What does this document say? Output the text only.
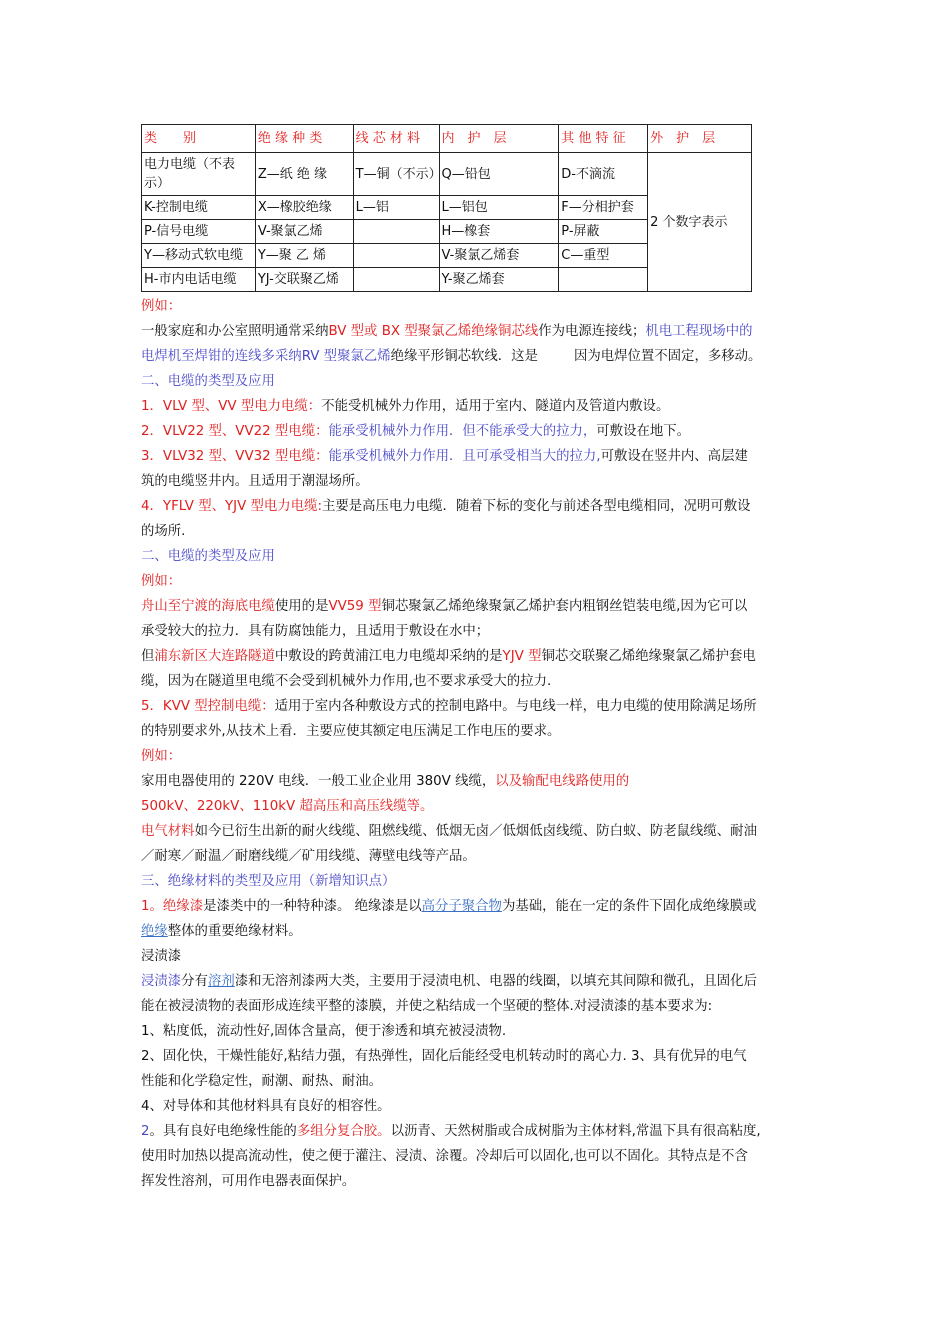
类　　别	绝 缘 种 类	线 芯 材 料	内　护　层	其 他 特 征	外　护　层
电力电缆（不表示）	Z—纸 绝 缘	T—铜（不示）	Q—铅包	D-不滴流	2 个数字表示
K-控制电缆	X—橡胶绝缘	L—铝	L—铝包	F—分相护套	
P-信号电缆	V-聚氯乙烯		H—橡套	P-屏蔽	
Y—移动式软电缆	Y—聚 乙 烯		V-聚氯乙烯套	C—重型	
H-市内电话电缆	YJ-交联聚乙烯		Y-聚乙烯套		

例如：

一般家庭和办公室照明通常采纳BV 型或 BX 型聚氯乙烯绝缘铜芯线作为电源连接线；机电工程现场中的

电焊机至焊钳的连线多采纳RV 型聚氯乙烯绝缘平形铜芯软线．这是	因为电焊位置不固定，多移动。

二、电缆的类型及应用

1．VLV 型、VV 型电力电缆：不能受机械外力作用，适用于室内、隧道内及管道内敷设。

2．VLV22 型、VV22 型电缆：能承受机械外力作用．但不能承受大的拉力，可敷设在地下。

3．VLV32 型、VV32 型电缆：能承受机械外力作用．且可承受相当大的拉力,可敷设在竖井内、高层建

筑的电缆竖井内。且适用于潮湿场所。

4．YFLV 型、YJV 型电力电缆:主要是高压电力电缆．随着下标的变化与前述各型电缆相同，况明可敷设

的场所.

二、电缆的类型及应用

例如：

舟山至宁渡的海底电缆使用的是VV59 型铜芯聚氯乙烯绝缘聚氯乙烯护套内粗钢丝铠装电缆,因为它可以

承受较大的拉力．具有防腐蚀能力，且适用于敷设在水中；

但浦东新区大连路隧道中敷设的跨黄浦江电力电缆却采纳的是YJV 型铜芯交联聚乙烯绝缘聚氯乙烯护套电

缆，因为在隧道里电缆不会受到机械外力作用,也不要求承受大的拉力.

5．KVV 型控制电缆：适用于室内各种敷设方式的控制电路中。与电线一样，电力电缆的使用除满足场所

的特别要求外,从技术上看．主要应使其额定电压满足工作电压的要求。

例如：

家用电器使用的 220V 电线．一般工业企业用 380V 线缆，以及输配电线路使用的

500kV、220kV、110kV 超高压和高压线缆等。

电气材料如今已衍生出新的耐火线缆、阻燃线缆、低烟无卤／低烟低卤线缆、防白蚁、防老鼠线缆、耐油

／耐寒／耐温／耐磨线缆／矿用线缆、薄壁电线等产品。

三、绝缘材料的类型及应用（新增知识点）

1。绝缘漆是漆类中的一种特种漆。 绝缘漆是以高分子聚合物为基础，能在一定的条件下固化成绝缘膜或

绝缘整体的重要绝缘材料。

浸渍漆

浸渍漆分有溶剂漆和无溶剂漆两大类，主要用于浸渍电机、电器的线圈，以填充其间隙和微孔，且固化后

能在被浸渍物的表面形成连续平整的漆膜，并使之粘结成一个坚硬的整体.对浸渍漆的基本要求为:

1、粘度低，流动性好,固体含量高，便于渗透和填充被浸渍物.

2、固化快，干燥性能好,粘结力强，有热弹性，固化后能经受电机转动时的离心力. 3、具有优异的电气

性能和化学稳定性，耐潮、耐热、耐油。

4、对导体和其他材料具有良好的相容性。

2。具有良好电绝缘性能的多组分复合胶。以沥青、天然树脂或合成树脂为主体材料,常温下具有很高粘度,

使用时加热以提高流动性，使之便于灌注、浸渍、涂覆。冷却后可以固化,也可以不固化。其特点是不含

挥发性溶剂，可用作电器表面保护。
